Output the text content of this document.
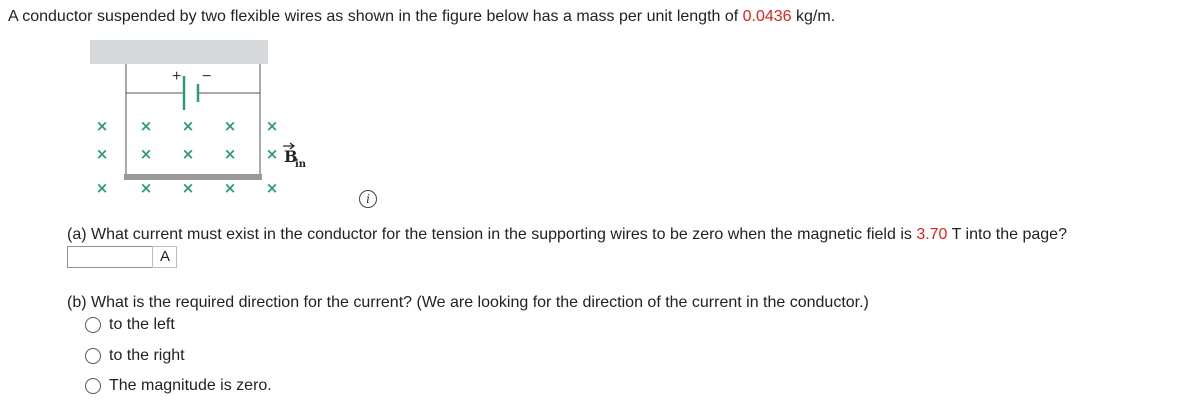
A conductor suspended by two flexible wires as shown in the figure below has a mass per unit length of 0.0436 kg/m.
+ −
× × × × ×
× × × × ×
× × × × ×
B
in
i
(a) What current must exist in the conductor for the tension in the supporting wires to be zero when the magnetic field is 3.70 T into the page?
A
(b) What is the required direction for the current? (We are looking for the direction of the current in the conductor.)
to the left
to the right
The magnitude is zero.
